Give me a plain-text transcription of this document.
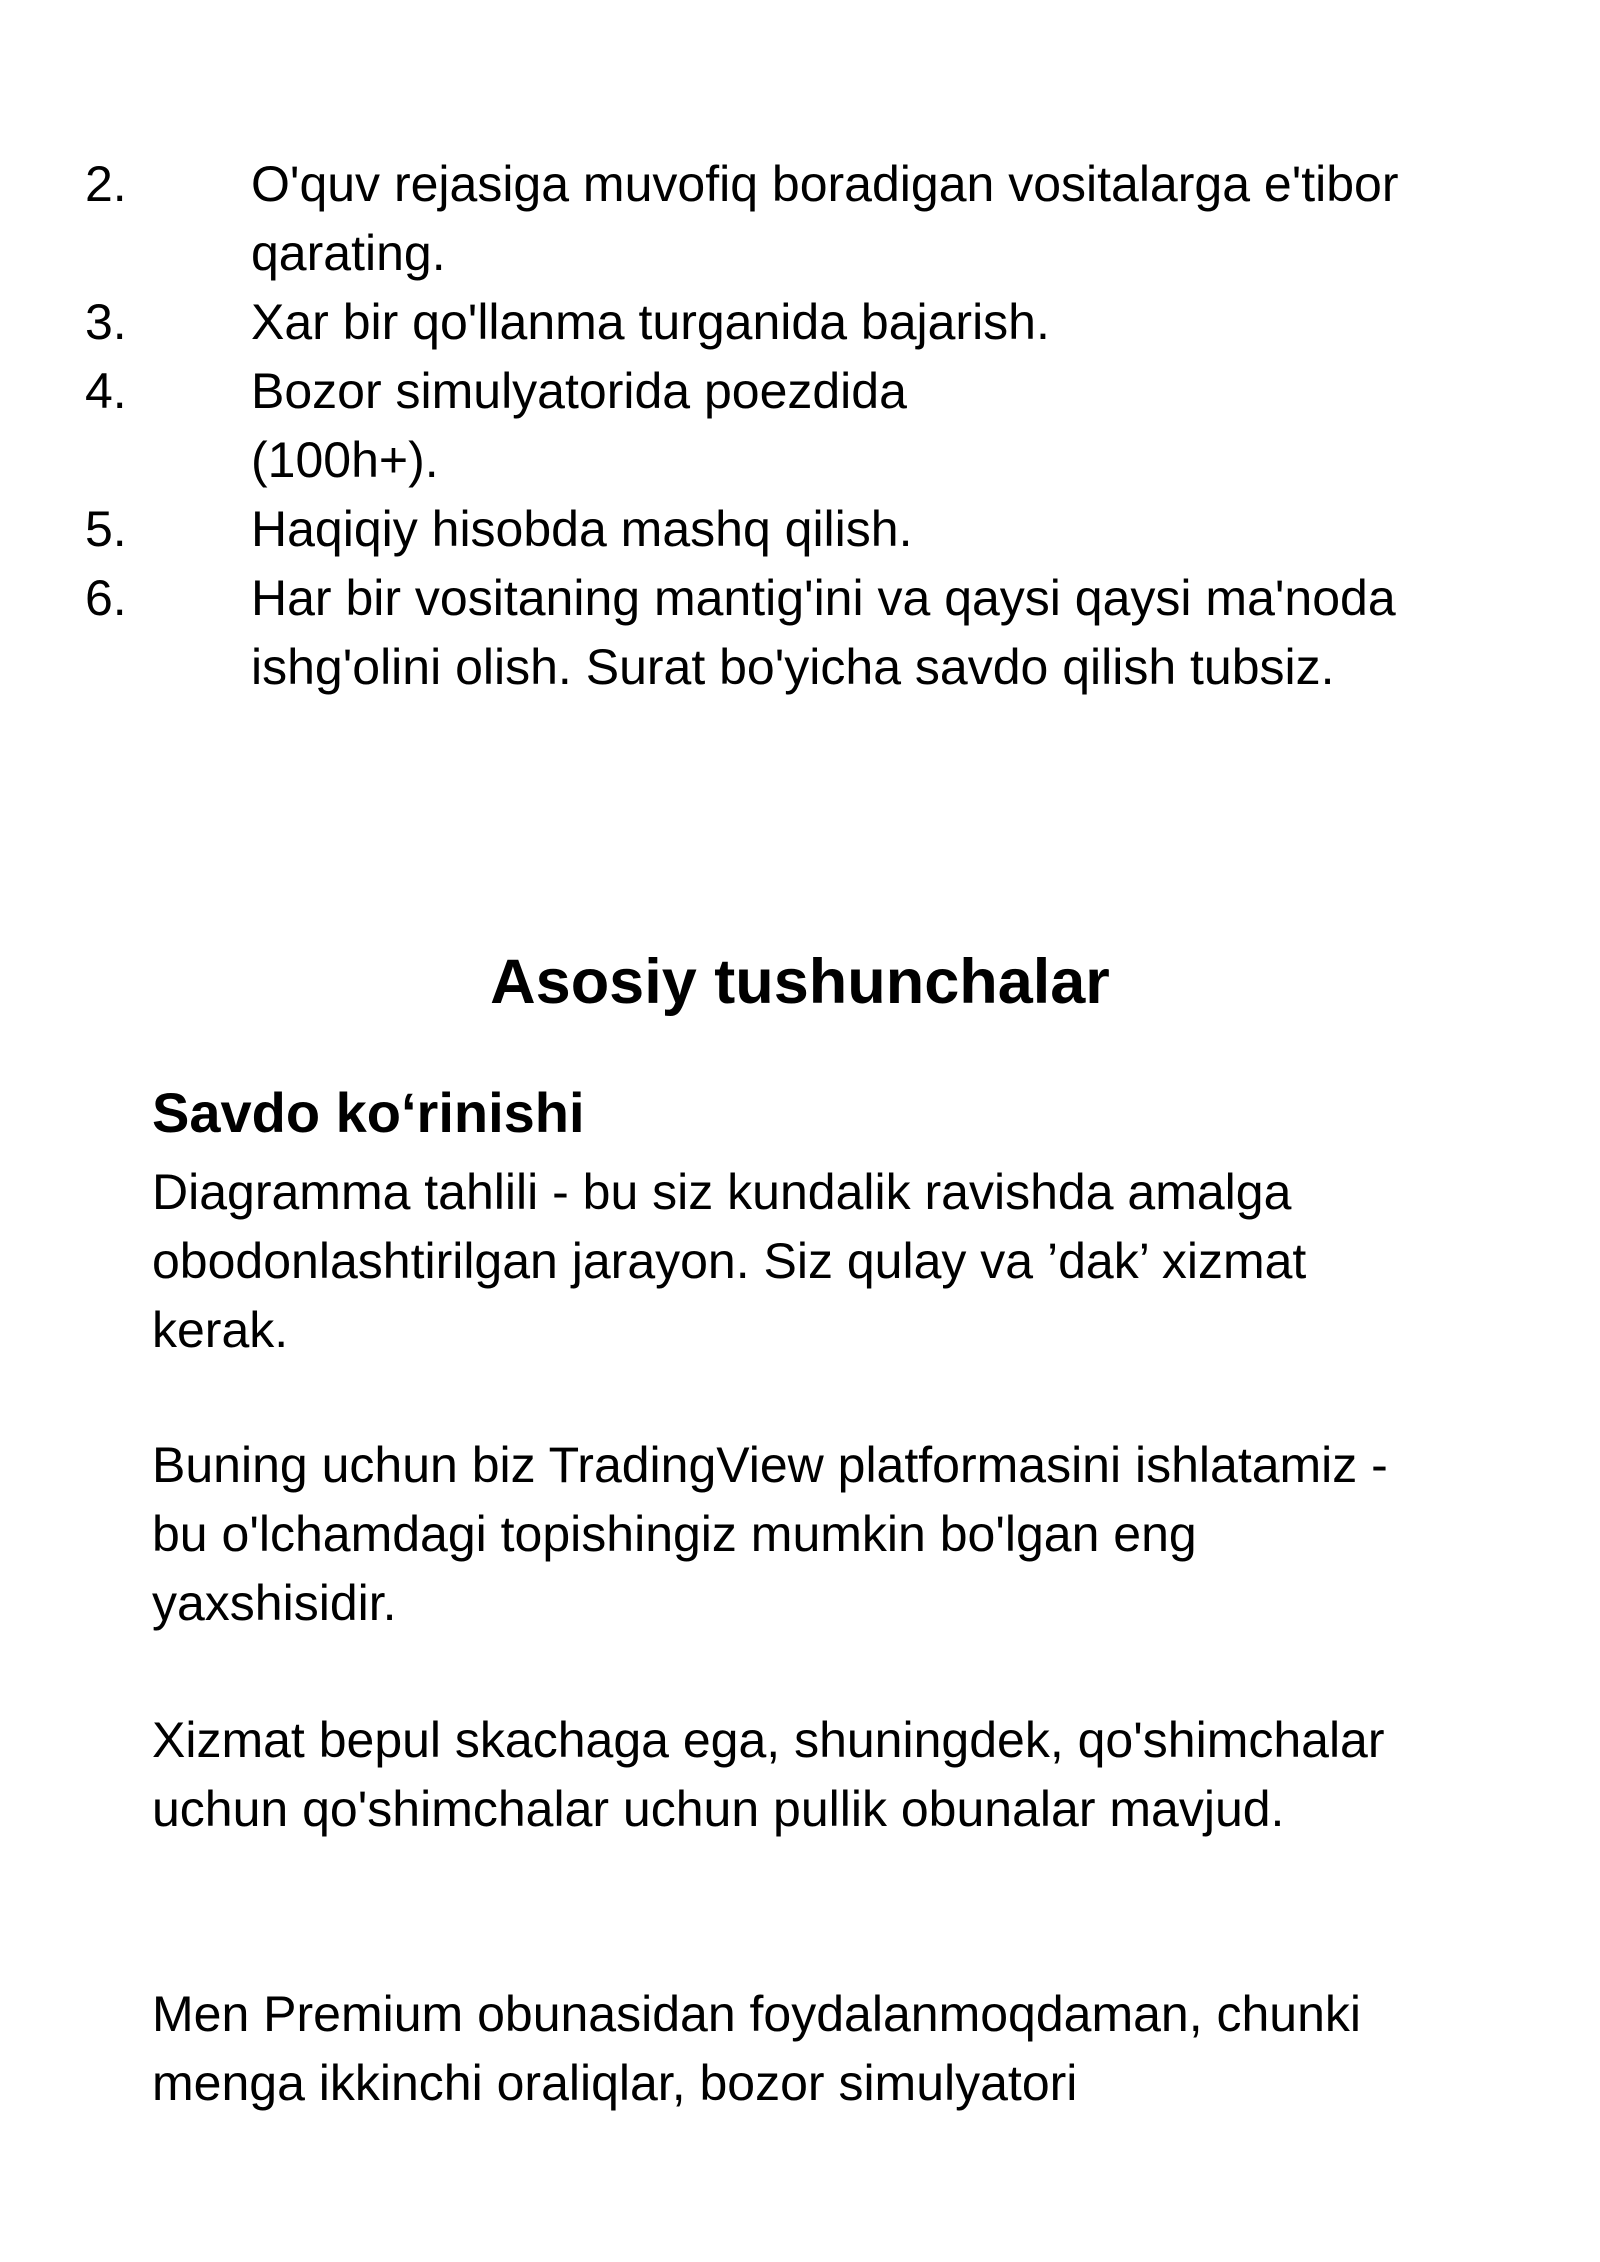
2.	O'quv rejasiga muvofiq boradigan vositalarga e'tibor qarating.
3.	Xar bir qo'llanma turganida bajarish.
4.	Bozor simulyatorida poezdida (100h+).
5.	Haqiqiy hisobda mashq qilish.
6.	Har bir vositaning mantig'ini va qaysi qaysi ma'noda ishg'olini olish. Surat bo'yicha savdo qilish tubsiz.
Asosiy tushunchalar
Savdo ko‘rinishi

Diagramma tahlili - bu siz kundalik ravishda amalga obodonlashtirilgan jarayon. Siz qulay va ’dak’ xizmat kerak.

Buning uchun biz TradingView platformasini ishlatamiz - bu o'lchamdagi topishingiz mumkin bo'lgan eng yaxshisidir.

Xizmat bepul skachaga ega, shuningdek, qo'shimchalar uchun qo'shimchalar uchun pullik obunalar mavjud.

Men Premium obunasidan foydalanmoqdaman, chunki menga ikkinchi oraliqlar, bozor simulyatori
